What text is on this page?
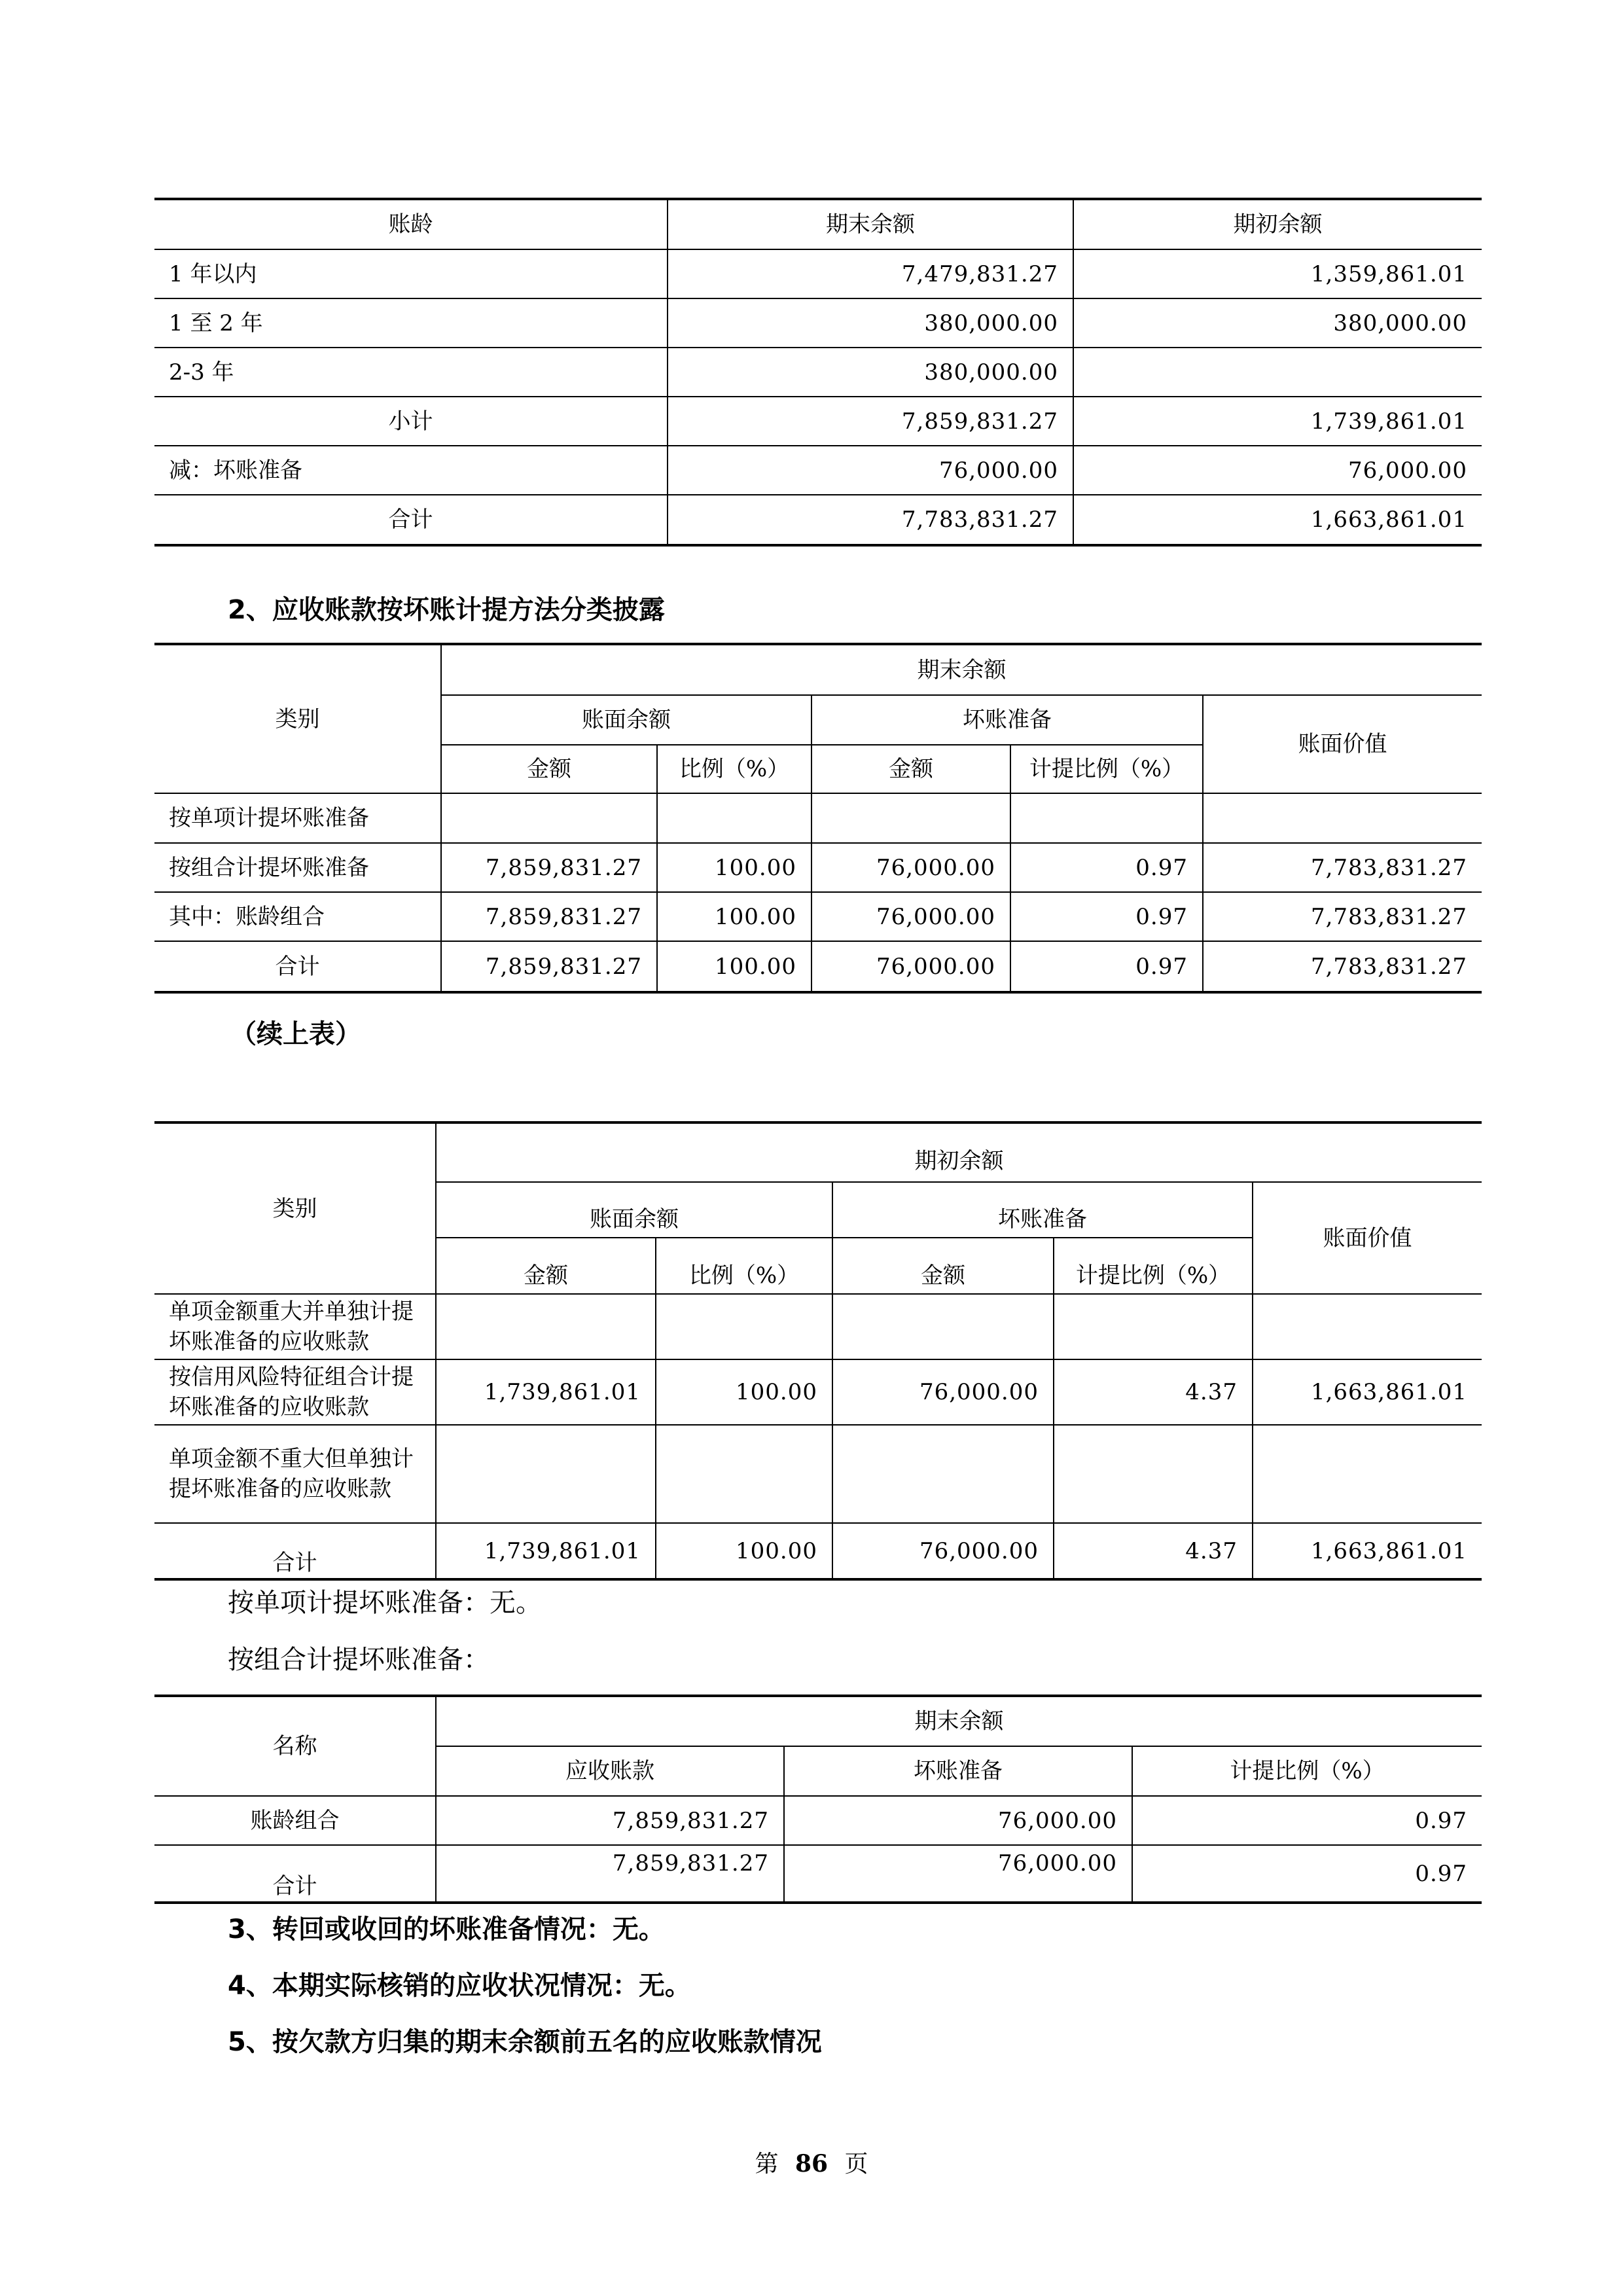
账龄	期末余额	期初余额
1 年以内	7,479,831.27	1,359,861.01
1 至 2 年	380,000.00	380,000.00
2-3 年	380,000.00	
小计	7,859,831.27	1,739,861.01
减：坏账准备	76,000.00	76,000.00
合计	7,783,831.27	1,663,861.01
2、应收账款按坏账计提方法分类披露
类别	期末余额				
	账面余额		坏账准备		账面价值
	金额	比例（%）	金额	计提比例（%）	
按单项计提坏账准备					
按组合计提坏账准备	7,859,831.27	100.00	76,000.00	0.97	7,783,831.27
其中：账龄组合	7,859,831.27	100.00	76,000.00	0.97	7,783,831.27
合计	7,859,831.27	100.00	76,000.00	0.97	7,783,831.27
（续上表）
类别	期初余额				
	账面余额		坏账准备		账面价值
	金额	比例（%）	金额	计提比例（%）	
单项金额重大并单独计提坏账准备的应收账款					
按信用风险特征组合计提坏账准备的应收账款	1,739,861.01	100.00	76,000.00	4.37	1,663,861.01
单项金额不重大但单独计提坏账准备的应收账款					
合计	1,739,861.01	100.00	76,000.00	4.37	1,663,861.01
按单项计提坏账准备：无。
按组合计提坏账准备：
名称	期末余额		
	应收账款	坏账准备	计提比例（%）
账龄组合	7,859,831.27	76,000.00	0.97
合计	7,859,831.27	76,000.00	0.97
3、转回或收回的坏账准备情况：无。
4、本期实际核销的应收状况情况：无。
5、按欠款方归集的期末余额前五名的应收账款情况
第 86 页
